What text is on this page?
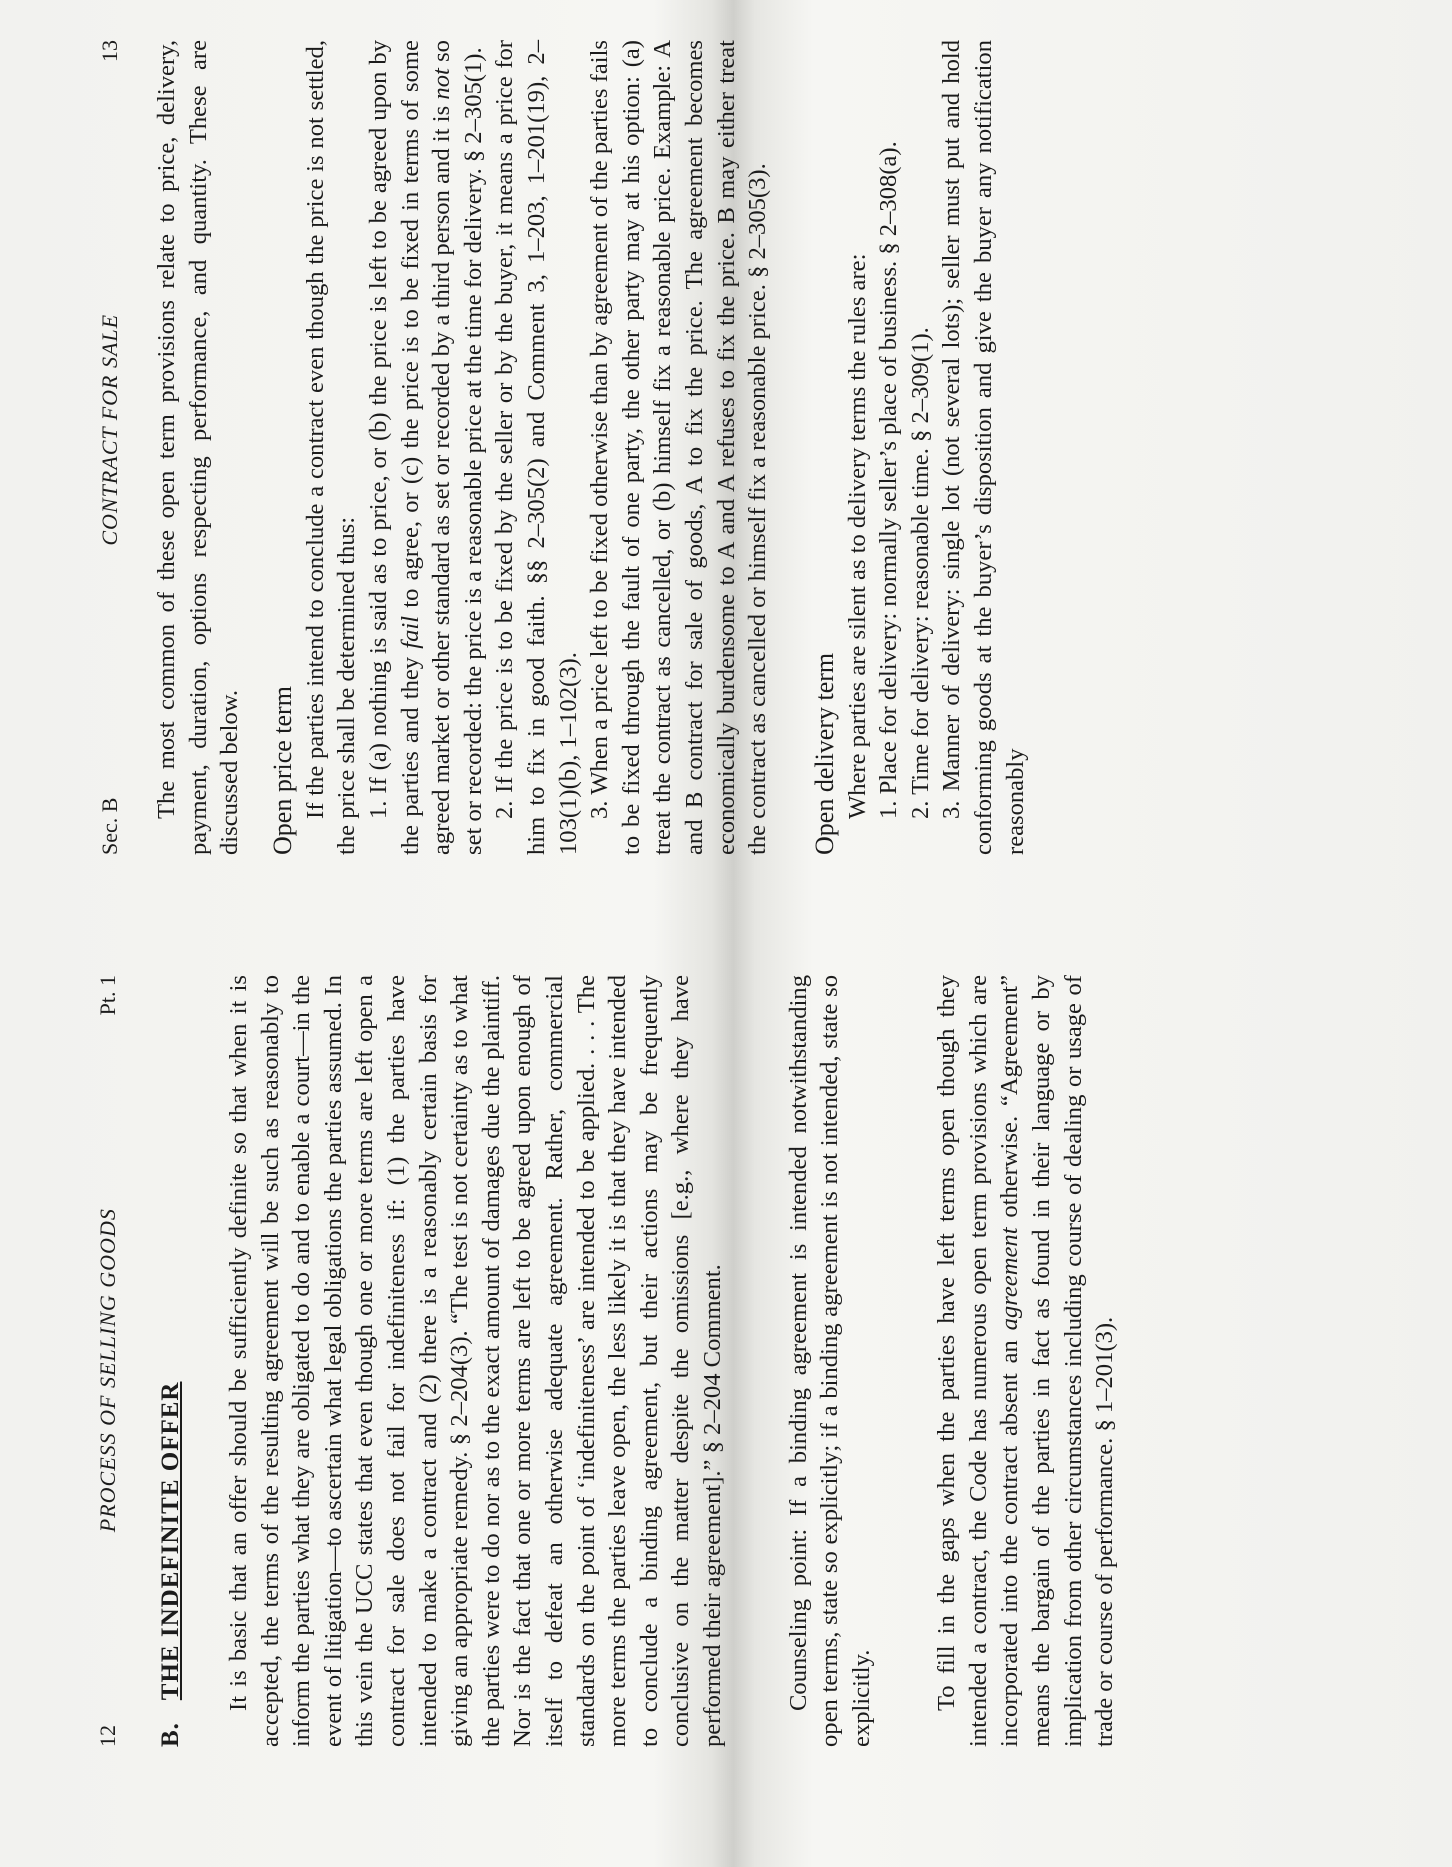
12
PROCESS OF SELLING GOODS
Pt. 1
B. THE INDEFINITE OFFER It is basic that an offer should be sufficiently definite so that when it is accepted, the terms of the resulting agreement will be such as reasonably to inform the parties what they are obligated to do and to enable a court—in the event of litigation—to ascertain what legal obligations the parties assumed. In this vein the UCC states that even though one or more terms are left open a contract for sale does not fail for indefiniteness if: (1) the parties have intended to make a contract and (2) there is a reasonably certain basis for giving an appropriate remedy. § 2–204(3). “The test is not certainty as to what the parties were to do nor as to the exact amount of damages due the plaintiff. Nor is the fact that one or more terms are left to be agreed upon enough of itself to defeat an otherwise adequate agreement. Rather, commercial standards on the point of ‘indefiniteness’ are intended to be applied. . . . The more terms the parties leave open, the less likely it is that they have intended to conclude a binding agreement, but their actions may be frequently conclusive on the matter despite the omissions [e.g., where they have performed their agreement].” § 2–204 Comment. Counseling point: If a binding agreement is intended notwithstanding open terms, state so explicitly; if a binding agreement is not intended, state so explicitly. To fill in the gaps when the parties have left terms open though they intended a contract, the Code has numerous open term provisions which are incorporated into the contract absent an agreement otherwise. “Agreement” means the bargain of the parties in fact as found in their language or by implication from other circumstances including course of dealing or usage of trade or course of performance. § 1–201(3).

Sec. B
CONTRACT FOR SALE
13 The most common of these open term provisions relate to price, delivery, payment, duration, options respecting performance, and quantity. These are discussed below. Open price term If the parties intend to conclude a contract even though the price is not settled, the price shall be determined thus: 1. If (a) nothing is said as to price, or (b) the price is left to be agreed upon by the parties and they fail to agree, or (c) the price is to be fixed in terms of some agreed market or other standard as set or recorded by a third person and it is not so set or recorded: the price is a reasonable price at the time for delivery. § 2–305(1). 2. If the price is to be fixed by the seller or by the buyer, it means a price for him to fix in good faith. §§ 2–305(2) and Comment 3, 1–203, 1–201(19), 2–103(1)(b), 1–102(3). 3. When a price left to be fixed otherwise than by agreement of the parties fails to be fixed through the fault of one party, the other party may at his option: (a) treat the contract as cancelled, or (b) himself fix a reasonable price. Example: A and B contract for sale of goods, A to fix the price. The agreement becomes economically burdensome to A and A refuses to fix the price. B may either treat the contract as cancelled or himself fix a reasonable price. § 2–305(3). Open delivery term Where parties are silent as to delivery terms the rules are: 1. Place for delivery: normally seller’s place of business. § 2–308(a). 2. Time for delivery: reasonable time. § 2–309(1). 3. Manner of delivery: single lot (not several lots); seller must put and hold conforming goods at the buyer’s disposition and give the buyer any notification reasonably
